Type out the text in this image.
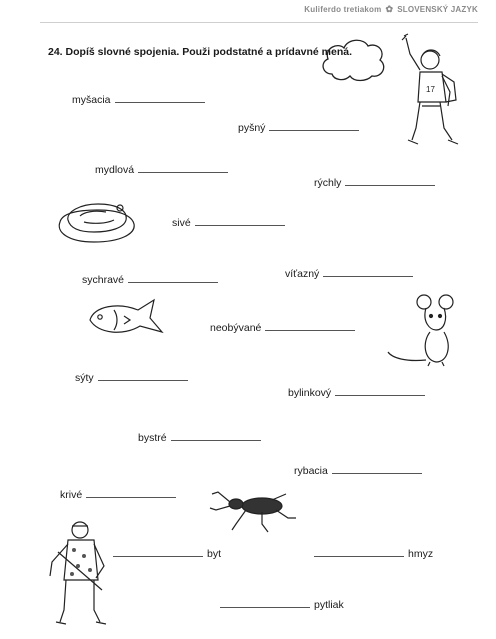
Kuliferdo tretiakom ✿ SLOVENSKÝ JAZYK
24. Dopíš slovné spojenia. Použi podstatné a prídavné mená.
myšacia
pyšný
mydlová
rýchly
sivé
sychravé	víťazný
neobývané
sýty
bylinkový
bystré
rybacia
krivé
byt	hmyz
pytliak
17
